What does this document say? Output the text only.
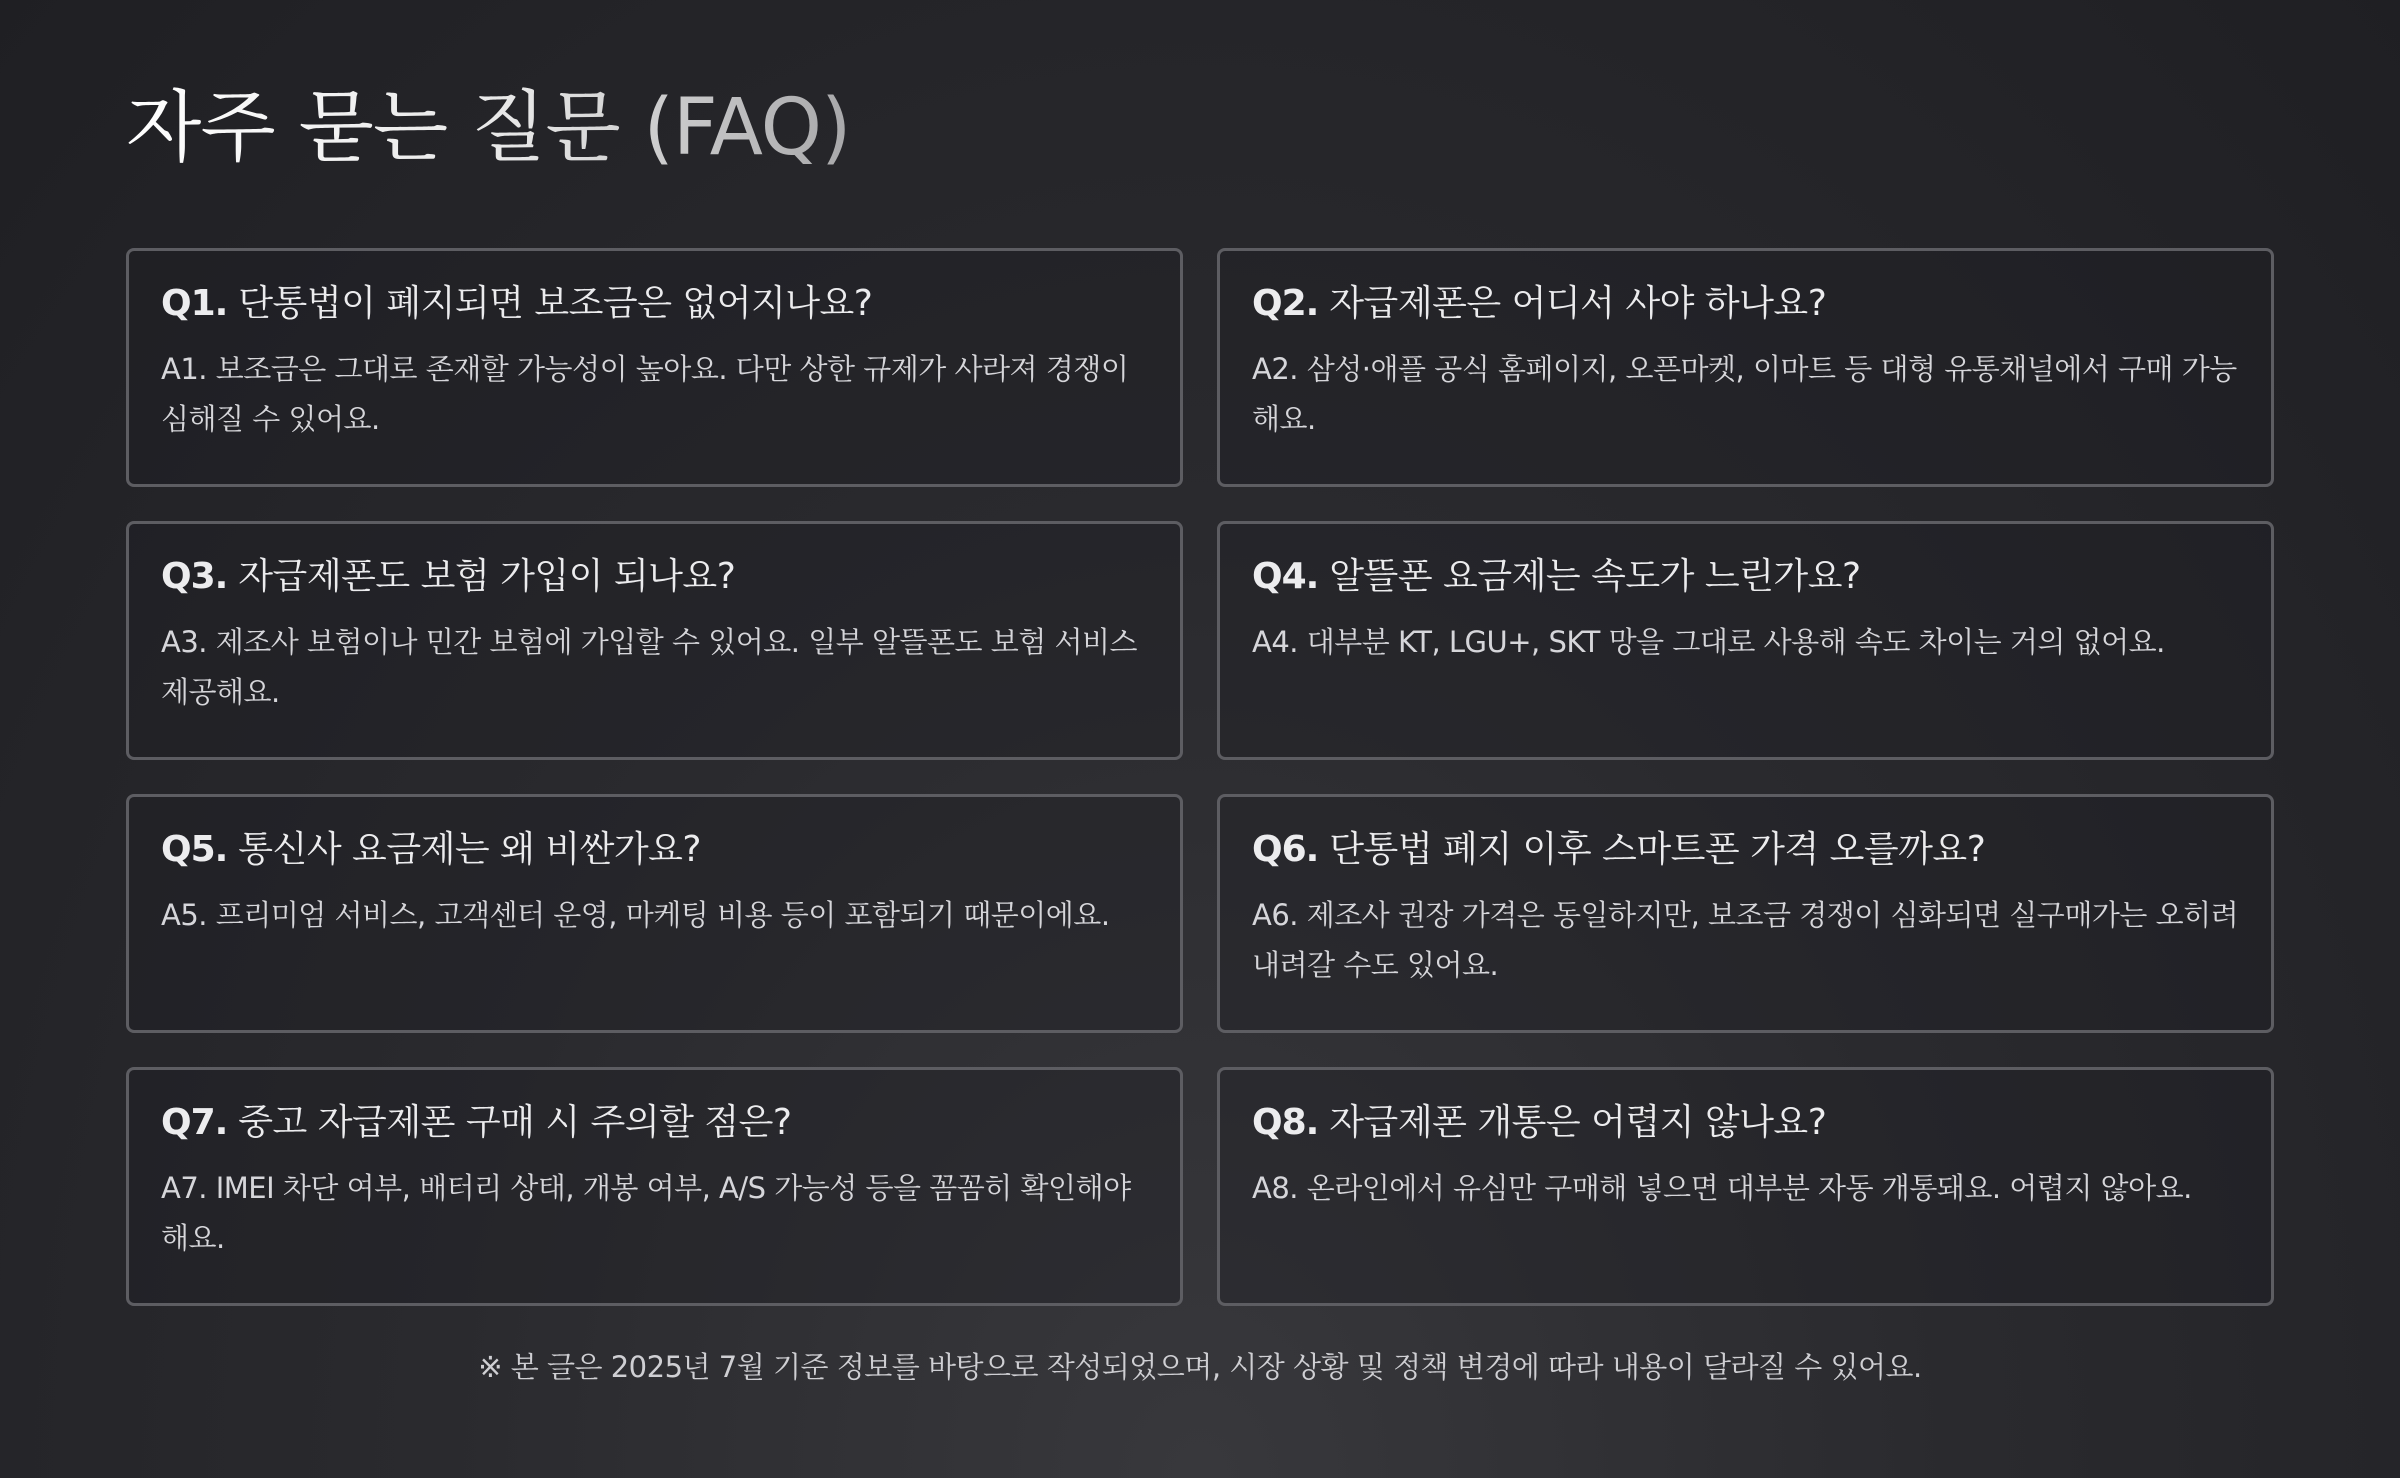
자주 묻는 질문 (FAQ)
Q1. 단통법이 폐지되면 보조금은 없어지나요?
A1. 보조금은 그대로 존재할 가능성이 높아요. 다만 상한 규제가 사라져 경쟁이 심해질 수 있어요.
Q2. 자급제폰은 어디서 사야 하나요?
A2. 삼성·애플 공식 홈페이지, 오픈마켓, 이마트 등 대형 유통채널에서 구매 가능해요.
Q3. 자급제폰도 보험 가입이 되나요?
A3. 제조사 보험이나 민간 보험에 가입할 수 있어요. 일부 알뜰폰도 보험 서비스 제공해요.
Q4. 알뜰폰 요금제는 속도가 느린가요?
A4. 대부분 KT, LGU+, SKT 망을 그대로 사용해 속도 차이는 거의 없어요.
Q5. 통신사 요금제는 왜 비싼가요?
A5. 프리미엄 서비스, 고객센터 운영, 마케팅 비용 등이 포함되기 때문이에요.
Q6. 단통법 폐지 이후 스마트폰 가격 오를까요?
A6. 제조사 권장 가격은 동일하지만, 보조금 경쟁이 심화되면 실구매가는 오히려 내려갈 수도 있어요.
Q7. 중고 자급제폰 구매 시 주의할 점은?
A7. IMEI 차단 여부, 배터리 상태, 개봉 여부, A/S 가능성 등을 꼼꼼히 확인해야 해요.
Q8. 자급제폰 개통은 어렵지 않나요?
A8. 온라인에서 유심만 구매해 넣으면 대부분 자동 개통돼요. 어렵지 않아요.
※ 본 글은 2025년 7월 기준 정보를 바탕으로 작성되었으며, 시장 상황 및 정책 변경에 따라 내용이 달라질 수 있어요.
